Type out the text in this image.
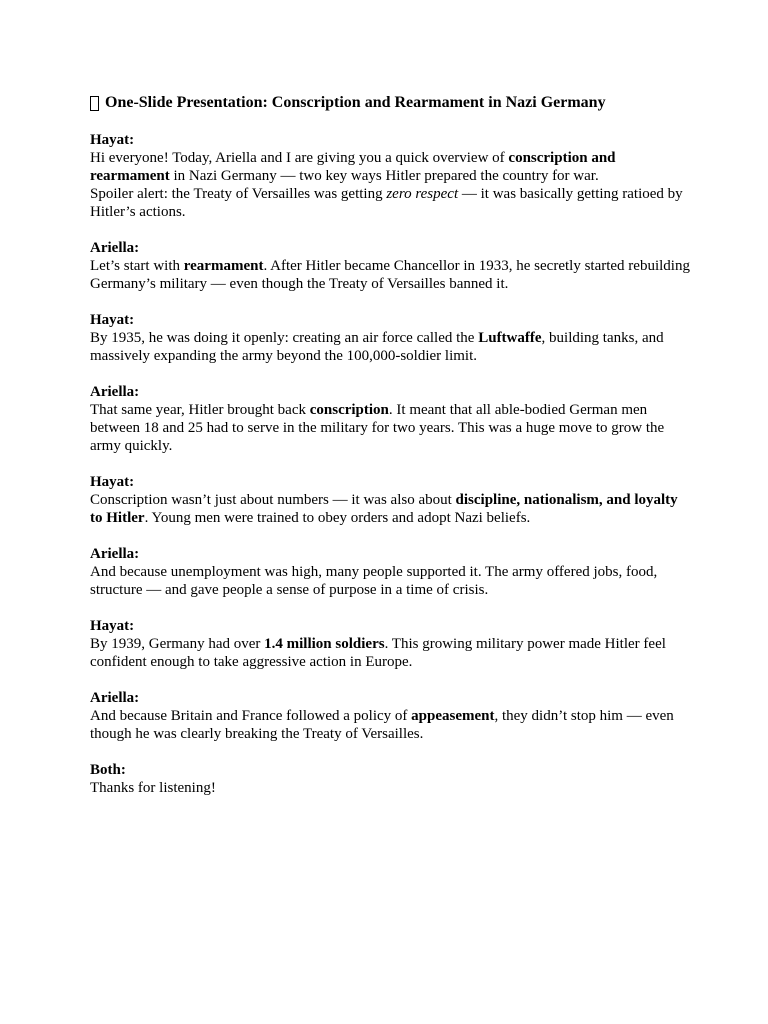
One-Slide Presentation: Conscription and Rearmament in Nazi Germany
Hayat:
Hi everyone! Today, Ariella and I are giving you a quick overview of conscription and rearmament in Nazi Germany — two key ways Hitler prepared the country for war.
Spoiler alert: the Treaty of Versailles was getting zero respect — it was basically getting ratioed by Hitler’s actions.
Ariella:
Let’s start with rearmament. After Hitler became Chancellor in 1933, he secretly started rebuilding Germany’s military — even though the Treaty of Versailles banned it.
Hayat:
By 1935, he was doing it openly: creating an air force called the Luftwaffe, building tanks, and massively expanding the army beyond the 100,000-soldier limit.
Ariella:
That same year, Hitler brought back conscription. It meant that all able-bodied German men between 18 and 25 had to serve in the military for two years. This was a huge move to grow the army quickly.
Hayat:
Conscription wasn’t just about numbers — it was also about discipline, nationalism, and loyalty to Hitler. Young men were trained to obey orders and adopt Nazi beliefs.
Ariella:
And because unemployment was high, many people supported it. The army offered jobs, food, structure — and gave people a sense of purpose in a time of crisis.
Hayat:
By 1939, Germany had over 1.4 million soldiers. This growing military power made Hitler feel confident enough to take aggressive action in Europe.
Ariella:
And because Britain and France followed a policy of appeasement, they didn’t stop him — even though he was clearly breaking the Treaty of Versailles.
Both:
Thanks for listening!
